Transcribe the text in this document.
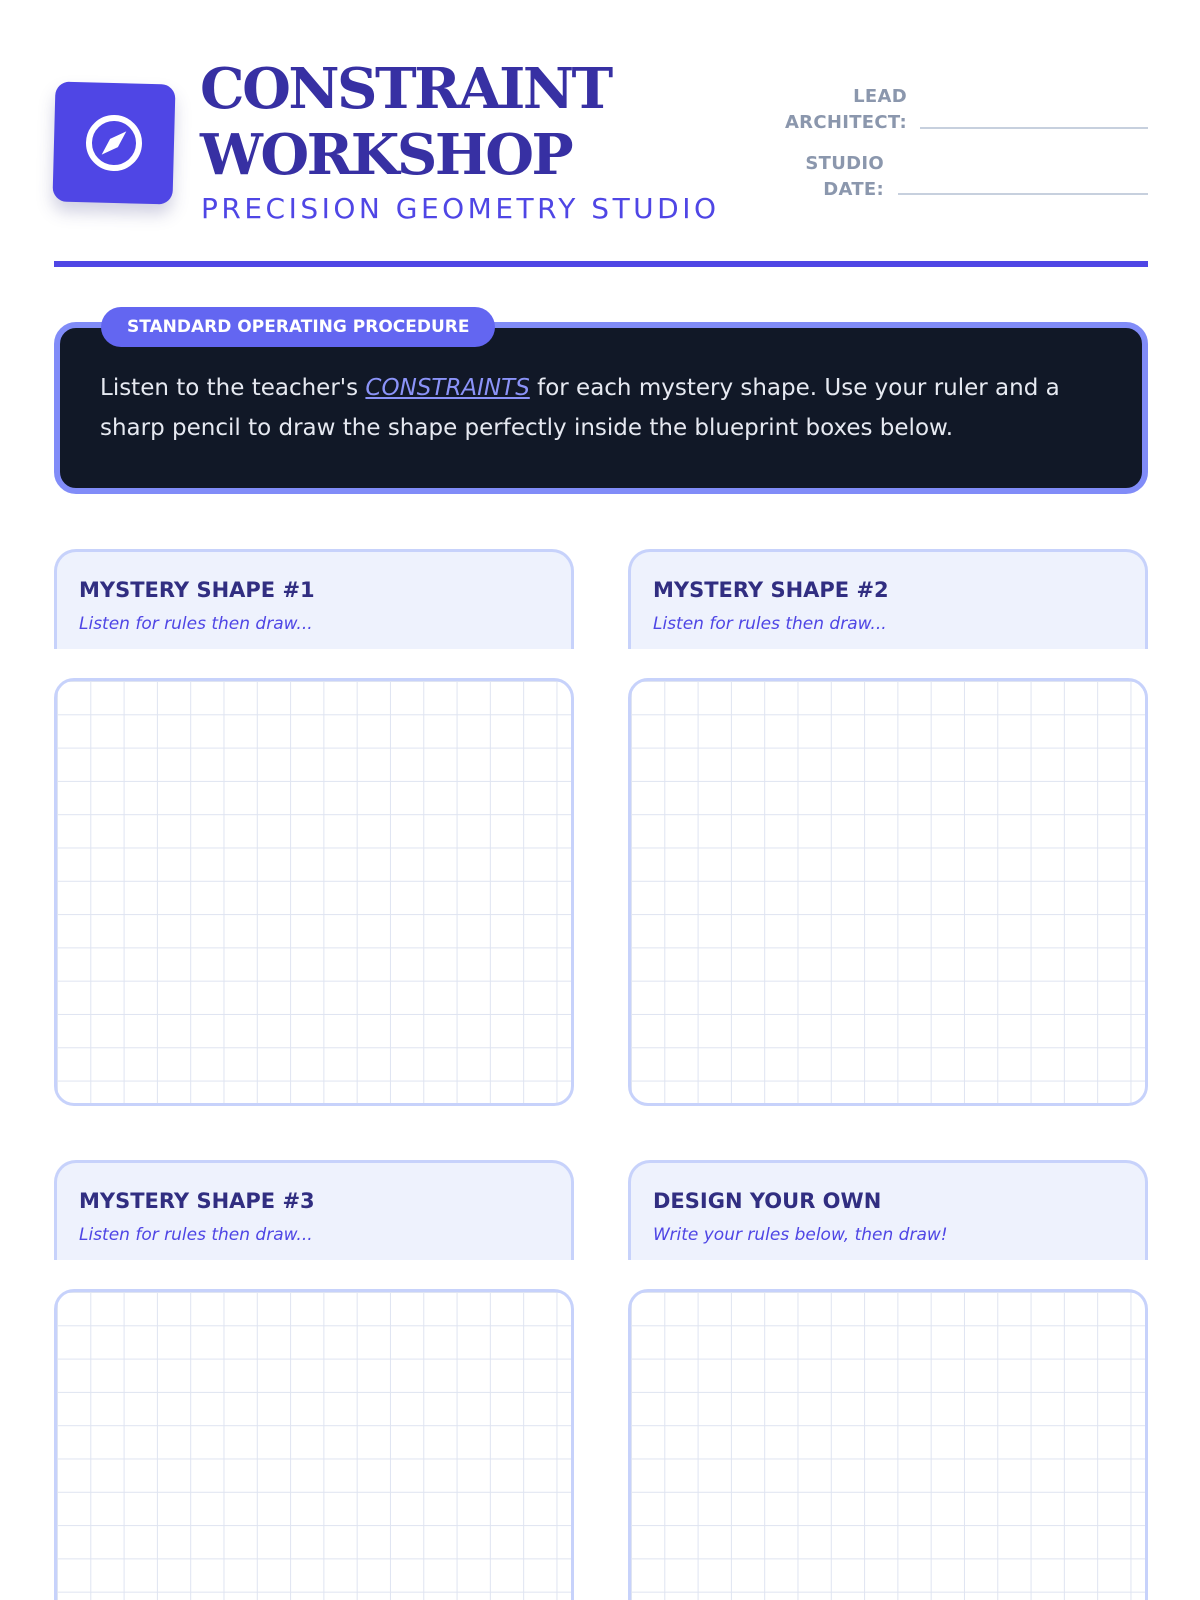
CONSTRAINT
WORKSHOP
PRECISION GEOMETRY STUDIO
LEAD
ARCHITECT:
STUDIO
DATE:
STANDARD OPERATING PROCEDURE
Listen to the teacher's CONSTRAINTS for each mystery shape. Use your ruler and a sharp pencil to draw the shape perfectly inside the blueprint boxes below.
MYSTERY SHAPE #1
Listen for rules then draw...
MYSTERY SHAPE #2
Listen for rules then draw...
MYSTERY SHAPE #3
Listen for rules then draw...
DESIGN YOUR OWN
Write your rules below, then draw!
